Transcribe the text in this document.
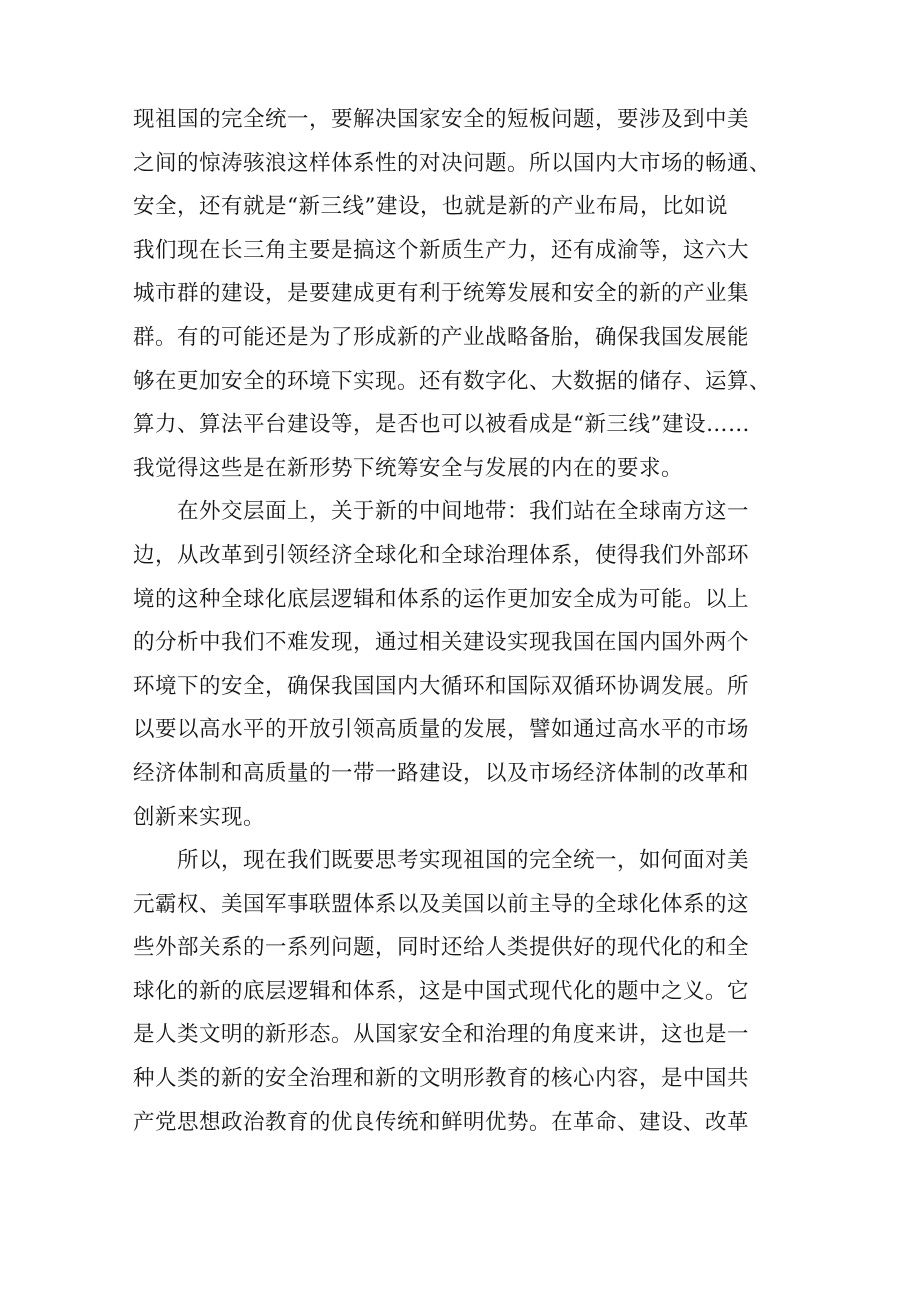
现祖国的完全统一，要解决国家安全的短板问题，要涉及到中美
之间的惊涛骇浪这样体系性的对决问题。所以国内大市场的畅通、
安全，还有就是“新三线”建设，也就是新的产业布局，比如说
我们现在长三角主要是搞这个新质生产力，还有成渝等，这六大
城市群的建设，是要建成更有利于统筹发展和安全的新的产业集
群。有的可能还是为了形成新的产业战略备胎，确保我国发展能
够在更加安全的环境下实现。还有数字化、大数据的储存、运算、
算力、算法平台建设等，是否也可以被看成是“新三线”建设……
我觉得这些是在新形势下统筹安全与发展的内在的要求。
在外交层面上，关于新的中间地带：我们站在全球南方这一
边，从改革到引领经济全球化和全球治理体系，使得我们外部环
境的这种全球化底层逻辑和体系的运作更加安全成为可能。以上
的分析中我们不难发现，通过相关建设实现我国在国内国外两个
环境下的安全，确保我国国内大循环和国际双循环协调发展。所
以要以高水平的开放引领高质量的发展，譬如通过高水平的市场
经济体制和高质量的一带一路建设，以及市场经济体制的改革和
创新来实现。
所以，现在我们既要思考实现祖国的完全统一，如何面对美
元霸权、美国军事联盟体系以及美国以前主导的全球化体系的这
些外部关系的一系列问题，同时还给人类提供好的现代化的和全
球化的新的底层逻辑和体系，这是中国式现代化的题中之义。它
是人类文明的新形态。从国家安全和治理的角度来讲，这也是一
种人类的新的安全治理和新的文明形教育的核心内容，是中国共
产党思想政治教育的优良传统和鲜明优势。在革命、建设、改革
